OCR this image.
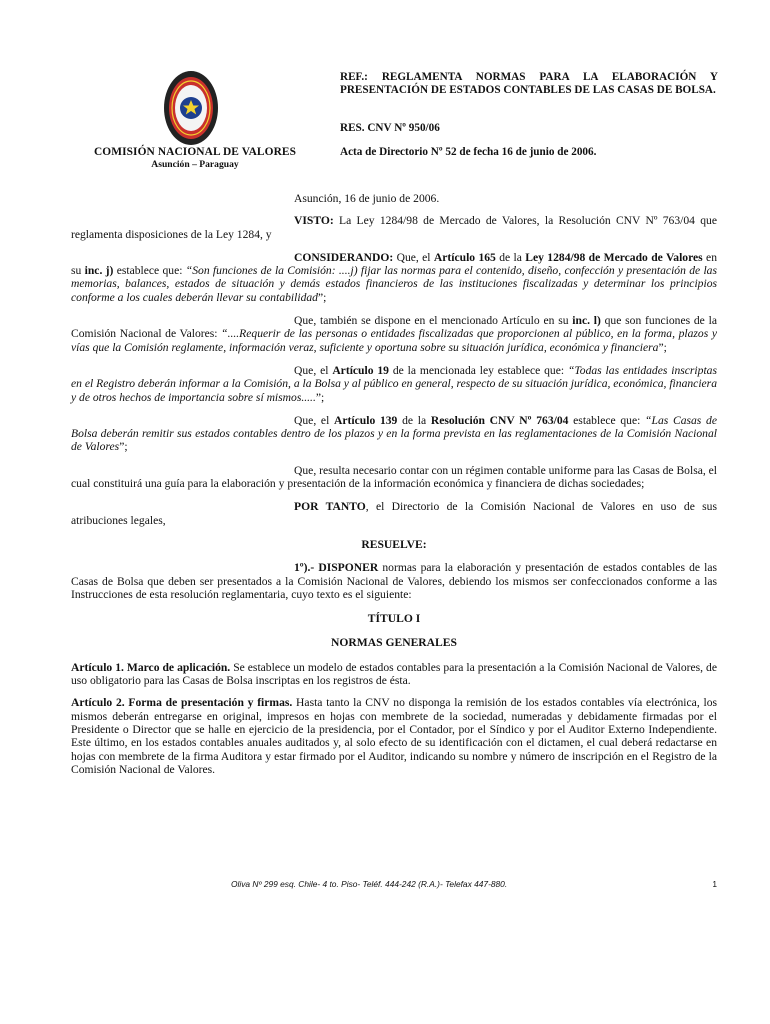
COMISIÓN NACIONAL DE VALORES
Asunción – Paraguay
REF.: REGLAMENTA NORMAS PARA LA ELABORACIÓN Y PRESENTACIÓN DE ESTADOS CONTABLES DE LAS CASAS DE BOLSA.
RES. CNV Nº 950/06
Acta de Directorio Nº 52 de fecha 16 de junio de 2006.

Asunción, 16 de junio de 2006.

VISTO: La Ley 1284/98 de Mercado de Valores, la Resolución CNV Nº 763/04 que reglamenta disposiciones de la Ley 1284, y

CONSIDERANDO: Que, el Artículo 165 de la Ley 1284/98 de Mercado de Valores en su inc. j) establece que: “Son funciones de la Comisión: ....j) fijar las normas para el contenido, diseño, confección y presentación de las memorias, balances, estados de situación y demás estados financieros de las instituciones fiscalizadas y determinar los principios conforme a los cuales deberán llevar su contabilidad”;

Que, también se dispone en el mencionado Artículo en su inc. l) que son funciones de la Comisión Nacional de Valores: “....Requerir de las personas o entidades fiscalizadas que proporcionen al público, en la forma, plazos y vías que la Comisión reglamente, información veraz, suficiente y oportuna sobre su situación jurídica, económica y financiera”;

Que, el Artículo 19 de la mencionada ley establece que: “Todas las entidades inscriptas en el Registro deberán informar a la Comisión, a la Bolsa y al público en general, respecto de su situación jurídica, económica, financiera y de otros hechos de importancia sobre sí mismos.....”;

Que, el Artículo 139 de la Resolución CNV Nº 763/04 establece que: “Las Casas de Bolsa deberán remitir sus estados contables dentro de los plazos y en la forma prevista en las reglamentaciones de la Comisión Nacional de Valores”;

Que, resulta necesario contar con un régimen contable uniforme para las Casas de Bolsa, el cual constituirá una guía para la elaboración y presentación de la información económica y financiera de dichas sociedades;

POR TANTO, el Directorio de la Comisión Nacional de Valores en uso de sus atribuciones legales,

RESUELVE:

1º).- DISPONER normas para la elaboración y presentación de estados contables de las Casas de Bolsa que deben ser presentados a la Comisión Nacional de Valores, debiendo los mismos ser confeccionados conforme a las Instrucciones de esta resolución reglamentaria, cuyo texto es el siguiente:

TÍTULO I

NORMAS GENERALES

Artículo 1. Marco de aplicación. Se establece un modelo de estados contables para la presentación a la Comisión Nacional de Valores, de uso obligatorio para las Casas de Bolsa inscriptas en los registros de ésta.

Artículo 2. Forma de presentación y firmas. Hasta tanto la CNV no disponga la remisión de los estados contables vía electrónica, los mismos deberán entregarse en original, impresos en hojas con membrete de la sociedad, numeradas y debidamente firmadas por el Presidente o Director que se halle en ejercicio de la presidencia, por el Contador, por el Síndico y por el Auditor Externo Independiente. Este último, en los estados contables anuales auditados y, al solo efecto de su identificación con el dictamen, el cual deberá redactarse en hojas con membrete de la firma Auditora y estar firmado por el Auditor, indicando su nombre y número de inscripción en el Registro de la Comisión Nacional de Valores.

Oliva Nº 299 esq. Chile- 4 to. Piso- Teléf. 444-242 (R.A.)- Telefax 447-880.	1
